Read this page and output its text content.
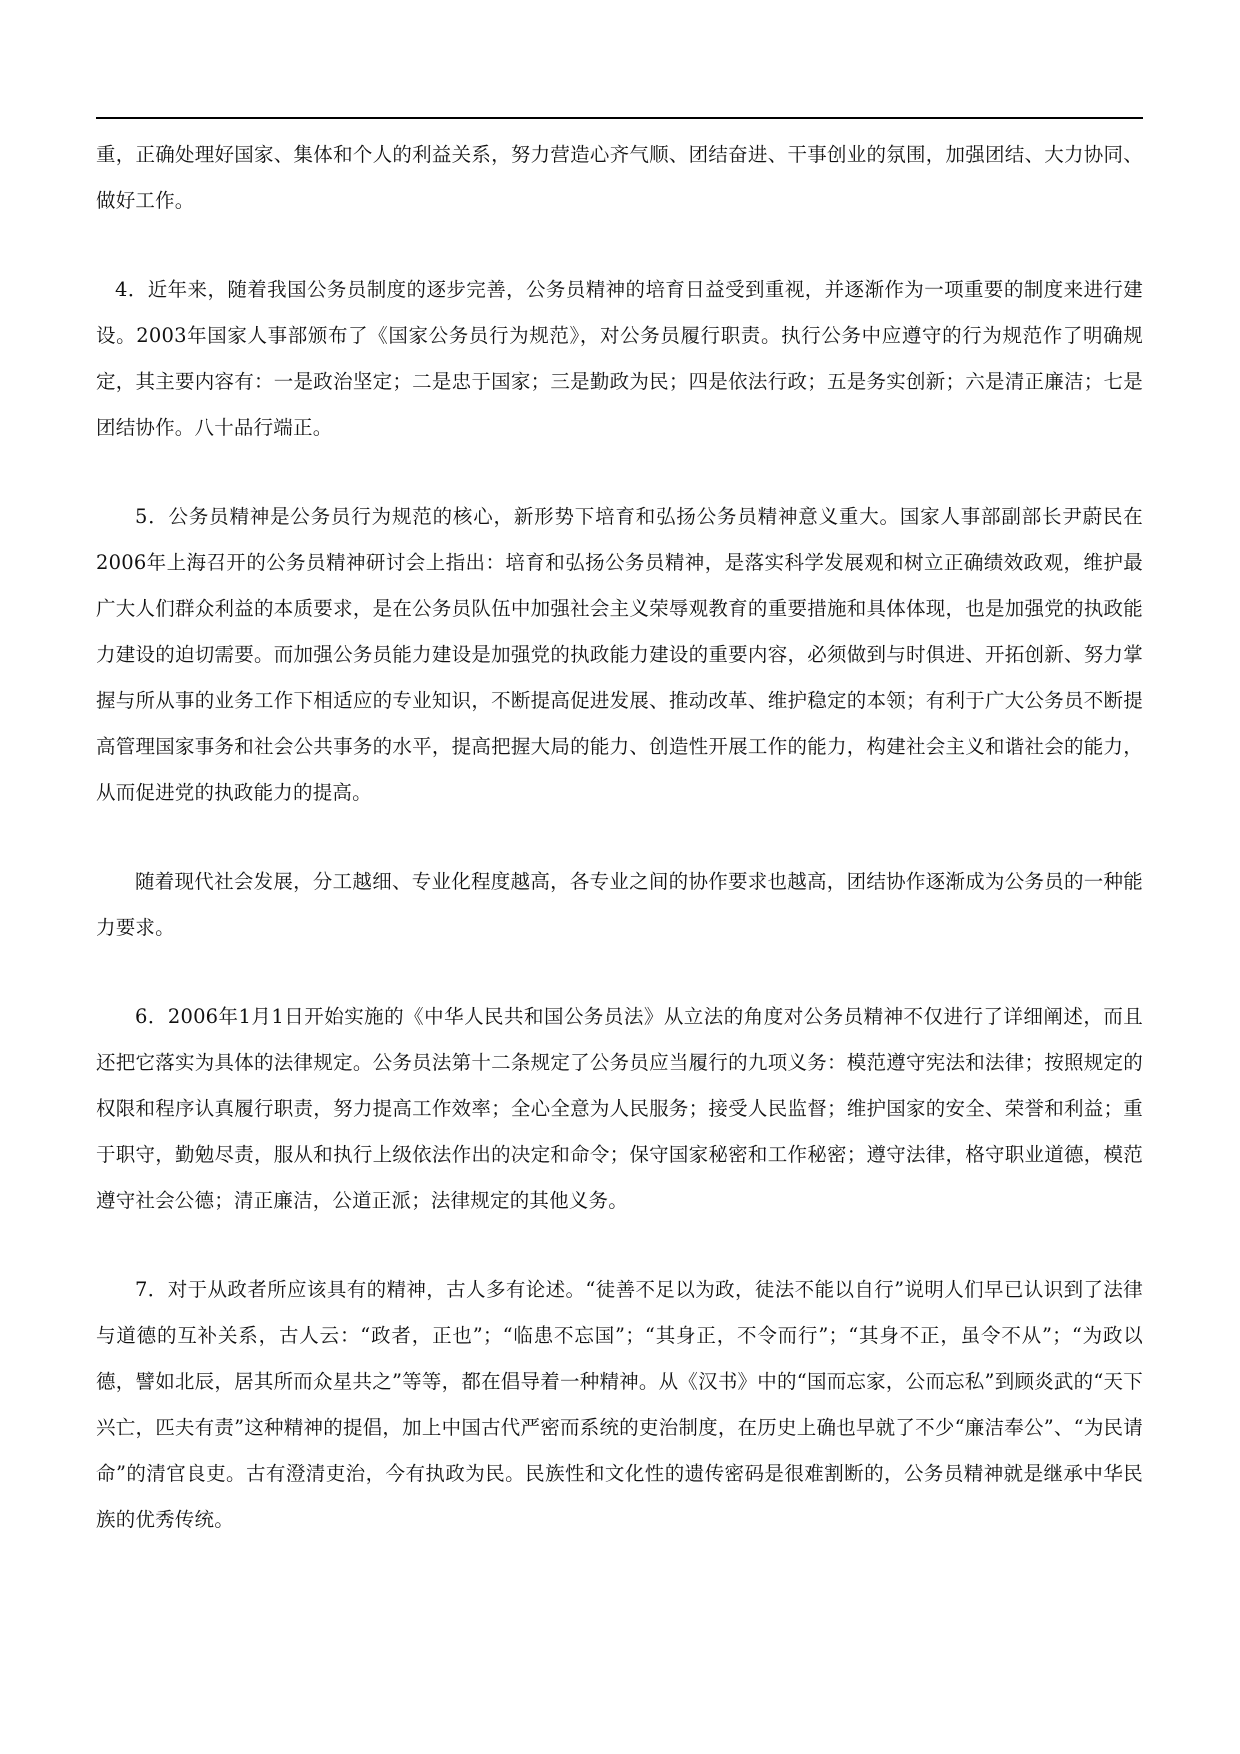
重，正确处理好国家、集体和个人的利益关系，努力营造心齐气顺、团结奋进、干事创业的氛围，加强团结、大力协同、做好工作。

4．近年来，随着我国公务员制度的逐步完善，公务员精神的培育日益受到重视，并逐渐作为一项重要的制度来进行建设。2003年国家人事部颁布了《国家公务员行为规范》，对公务员履行职责。执行公务中应遵守的行为规范作了明确规定，其主要内容有：一是政治坚定；二是忠于国家；三是勤政为民；四是依法行政；五是务实创新；六是清正廉洁；七是团结协作。八十品行端正。

5．公务员精神是公务员行为规范的核心，新形势下培育和弘扬公务员精神意义重大。国家人事部副部长尹蔚民在2006年上海召开的公务员精神研讨会上指出：培育和弘扬公务员精神，是落实科学发展观和树立正确绩效政观，维护最广大人们群众利益的本质要求，是在公务员队伍中加强社会主义荣辱观教育的重要措施和具体体现，也是加强党的执政能力建设的迫切需要。而加强公务员能力建设是加强党的执政能力建设的重要内容，必须做到与时俱进、开拓创新、努力掌握与所从事的业务工作下相适应的专业知识，不断提高促进发展、推动改革、维护稳定的本领；有利于广大公务员不断提高管理国家事务和社会公共事务的水平，提高把握大局的能力、创造性开展工作的能力，构建社会主义和谐社会的能力，从而促进党的执政能力的提高。

随着现代社会发展，分工越细、专业化程度越高，各专业之间的协作要求也越高，团结协作逐渐成为公务员的一种能力要求。

6．2006年1月1日开始实施的《中华人民共和国公务员法》从立法的角度对公务员精神不仅进行了详细阐述，而且还把它落实为具体的法律规定。公务员法第十二条规定了公务员应当履行的九项义务：模范遵守宪法和法律；按照规定的权限和程序认真履行职责，努力提高工作效率；全心全意为人民服务；接受人民监督；维护国家的安全、荣誉和利益；重于职守，勤勉尽责，服从和执行上级依法作出的决定和命令；保守国家秘密和工作秘密；遵守法律，格守职业道德，模范遵守社会公德；清正廉洁，公道正派；法律规定的其他义务。

7．对于从政者所应该具有的精神，古人多有论述。“徒善不足以为政，徒法不能以自行”说明人们早已认识到了法律与道德的互补关系，古人云：“政者，正也”；“临患不忘国”；“其身正，不令而行”；“其身不正，虽令不从”；“为政以德，譬如北辰，居其所而众星共之”等等，都在倡导着一种精神。从《汉书》中的“国而忘家，公而忘私”到顾炎武的“天下兴亡，匹夫有责”这种精神的提倡，加上中国古代严密而系统的吏治制度，在历史上确也早就了不少“廉洁奉公”、“为民请命”的清官良吏。古有澄清吏治，今有执政为民。民族性和文化性的遗传密码是很难割断的，公务员精神就是继承中华民族的优秀传统。
